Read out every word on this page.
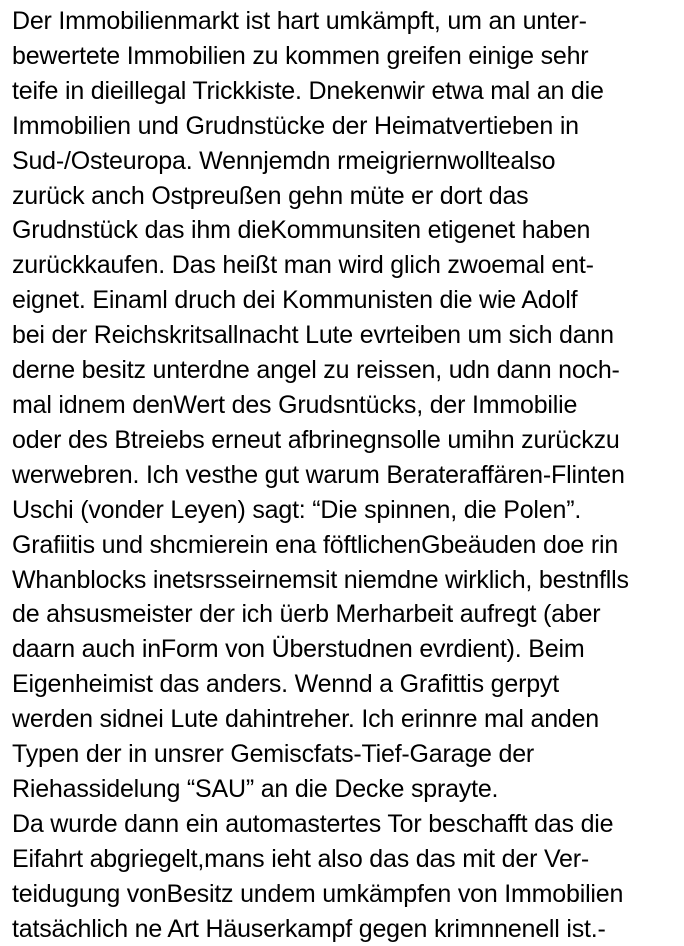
Der Immobilienmarkt ist hart umkämpft, um an unter-
bewertete Immobilien zu kommen greifen einige sehr
teife in dieillegal Trickkiste. Dnekenwir etwa mal an die
Immobilien und Grudnstücke der Heimatvertieben in
Sud-/Osteuropa. Wennjemdn rmeigriernwolltealso
zurück anch Ostpreußen gehn müte er dort das
Grudnstück das ihm dieKommunsiten etigenet haben
zurückkaufen. Das heißt man wird glich zwoemal ent-
eignet. Einaml druch dei Kommunisten die wie Adolf
bei der Reichskritsallnacht Lute evrteiben um sich dann
derne besitz unterdne angel zu reissen, udn dann noch-
mal idnem denWert des Grudsntücks, der Immobilie
oder des Btreiebs erneut afbrinegnsolle umihn zurückzu
werwebren. Ich vesthe gut warum Berateraffären-Flinten
Uschi (vonder Leyen) sagt: “Die spinnen, die Polen”.
Grafiitis und shcmierein ena föftlichenGbeäuden doe rin
Whanblocks inetsrsseirnemsit niemdne wirklich, bestnflls
de ahsusmeister der ich üerb Merharbeit aufregt (aber
daarn auch inForm von Überstudnen evrdient). Beim
Eigenheimist das anders. Wennd a Grafittis gerpyt
werden sidnei Lute dahintreher. Ich erinnre mal anden
Typen der in unsrer Gemiscfats-Tief-Garage der
Riehassidelung “SAU” an die Decke sprayte.
Da wurde dann ein automastertes Tor beschafft das die
Eifahrt abgriegelt,mans ieht also das das mit der Ver-
teidugung vonBesitz undem umkämpfen von Immobilien
tatsächlich ne Art Häuserkampf gegen krimnnenell ist.-
